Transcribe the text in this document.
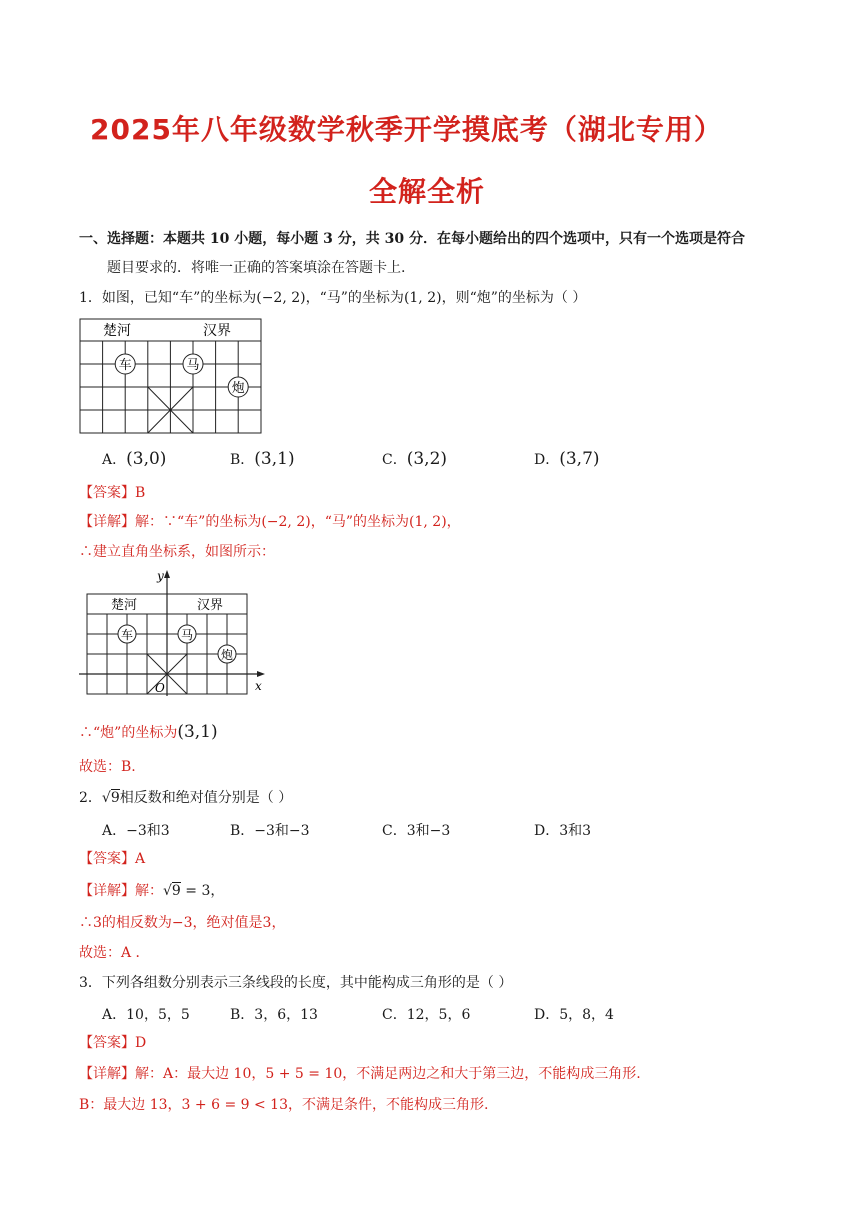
2025年八年级数学秋季开学摸底考（湖北专用）
全解全析
一、选择题：本题共 10 小题，每小题 3 分，共 30 分．在每小题给出的四个选项中，只有一个选项是符合
题目要求的．将唯一正确的答案填涂在答题卡上.
1．如图，已知“车”的坐标为(−2, 2)，“马”的坐标为(1, 2)，则“炮”的坐标为（ ）
楚河	汉界
车	马
炮
A．(3,0)	B．(3,1)	C．(3,2)	D．(3,7)
【答案】B
【详解】解：∵“车”的坐标为(−2, 2)，“马”的坐标为(1, 2)，
∴建立直角坐标系，如图所示：
y
x
O
楚河	汉界
车	马
炮
∴“炮”的坐标为(3,1)
故选：B.
2．√9相反数和绝对值分别是（ ）
A．−3和3	B．−3和−3	C．3和−3	D．3和3
【答案】A
【详解】解：√9 = 3，
∴3的相反数为−3，绝对值是3，
故选：A ．
3．下列各组数分别表示三条线段的长度，其中能构成三角形的是（ ）
A．10，5，5	B．3，6，13	C．12，5，6	D．5，8，4
【答案】D
【详解】解：A：最大边 10，5 + 5 = 10，不满足两边之和大于第三边，不能构成三角形.
B：最大边 13，3 + 6 = 9 < 13，不满足条件，不能构成三角形.
